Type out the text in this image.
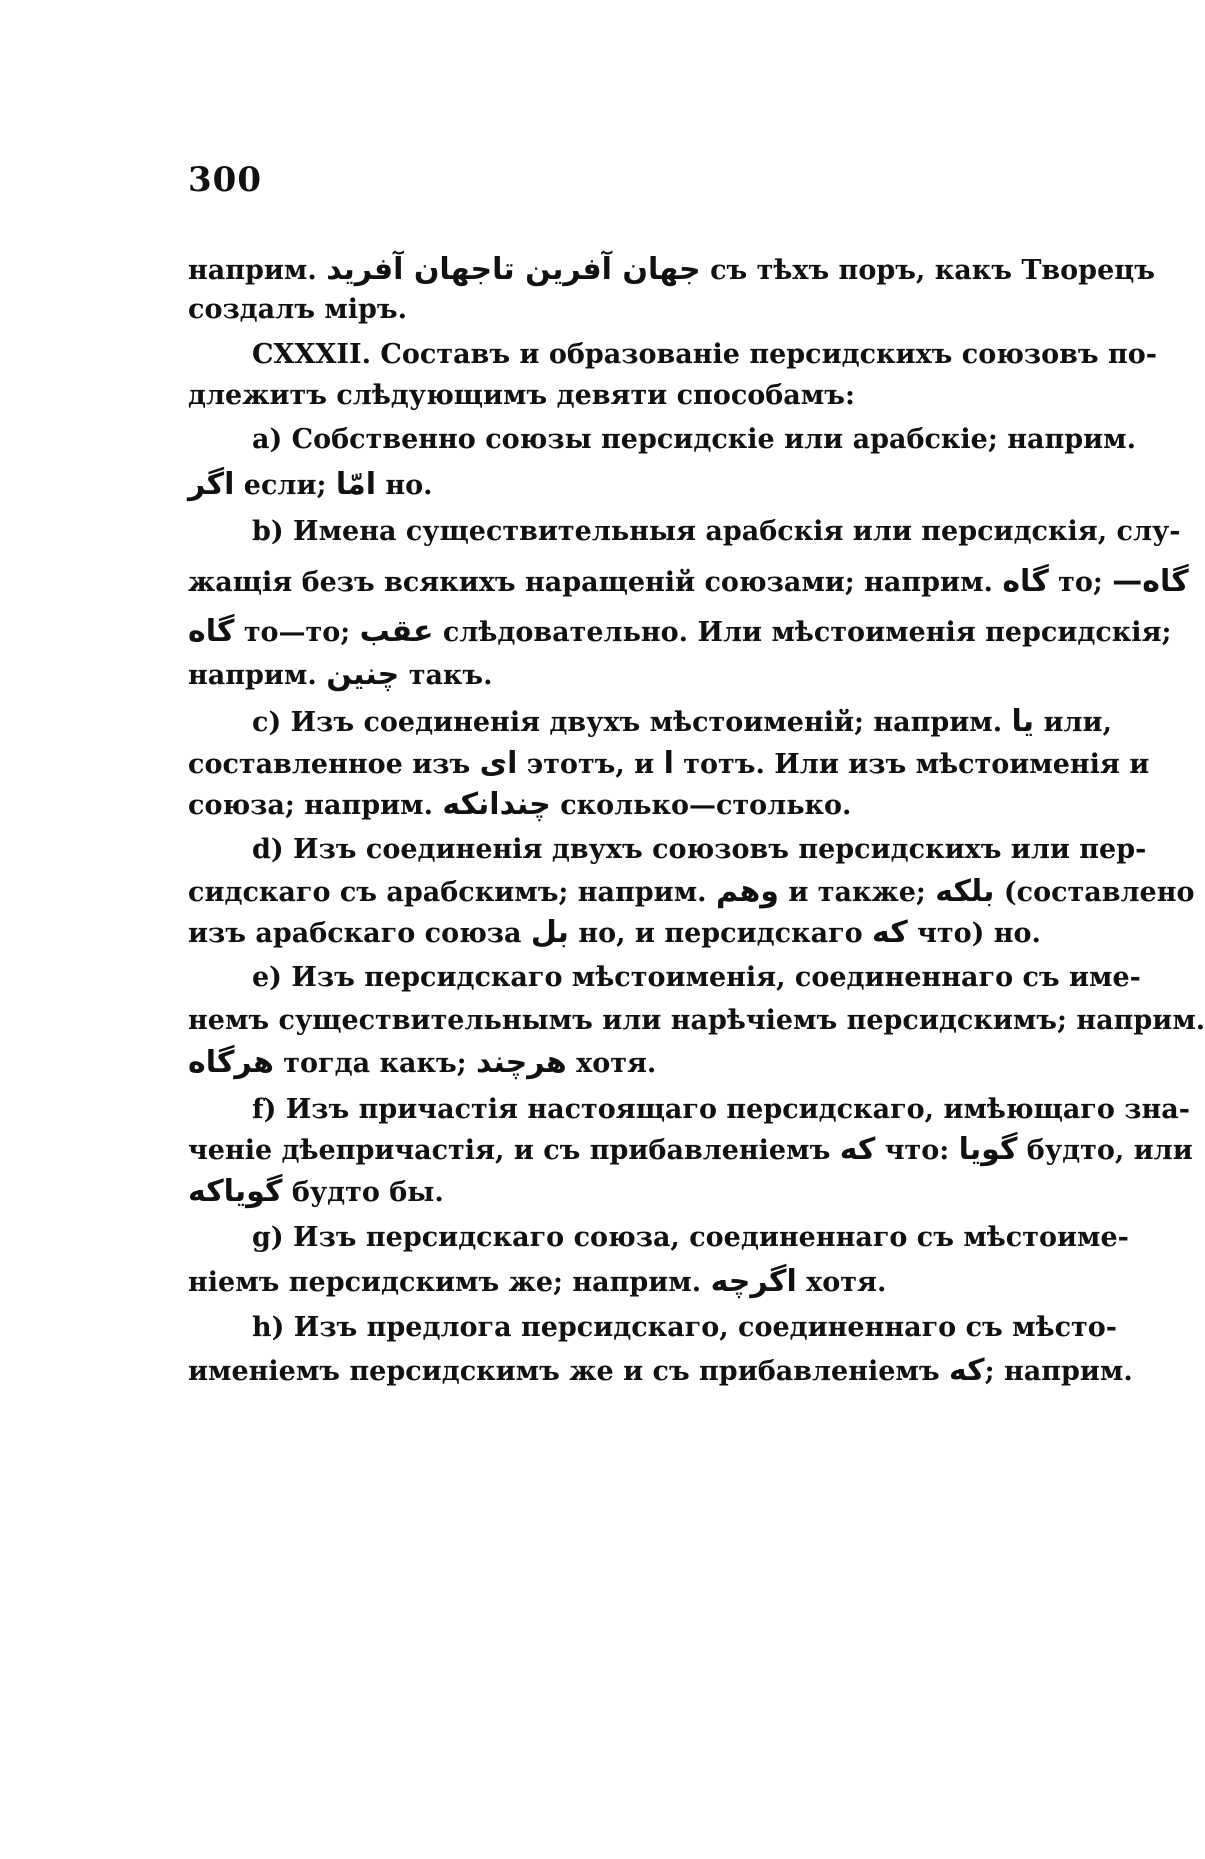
300
наприм. جهان آفرين تاجهان آفريد съ тѣхъ поръ, какъ Творецъ
создалъ міръ.
CXXXII. Составъ и образованіе персидскихъ союзовъ по-
длежитъ слѣдующимъ девяти способамъ:
a) Собственно союзы персидскіе или арабскіе; наприм.
اگر если; امّا но.
b) Имена существительныя арабскія или персидскія, слу-
жащія безъ всякихъ наращеній союзами; наприм. گاه то; گاه—
گاه то—то; عقب слѣдовательно. Или мѣстоименія персидскія;
наприм. چنين такъ.
c) Изъ соединенія двухъ мѣстоименій; наприм. يا или,
составленное изъ ای этотъ, и ا тотъ. Или изъ мѣстоименія и
союза; наприм. چندانكه сколько—столько.
d) Изъ соединенія двухъ союзовъ персидскихъ или пер-
сидскаго съ арабскимъ; наприм. وهم и также; بلكه (составлено
изъ арабскаго союза بل но, и персидскаго كه что) но.
e) Изъ персидскаго мѣстоименія, соединеннаго съ име-
немъ существительнымъ или нарѣчіемъ персидскимъ; наприм.
هرگاه тогда какъ; هرچند хотя.
f) Изъ причастія настоящаго персидскаго, имѣющаго зна-
ченіе дѣепричастія, и съ прибавленіемъ كه что: گويا будто, или
گوياكه будто бы.
g) Изъ персидскаго союза, соединеннаго съ мѣстоиме-
ніемъ персидскимъ же; наприм. اگرچه хотя.
h) Изъ предлога персидскаго, соединеннаго съ мѣсто-
именіемъ персидскимъ же и съ прибавленіемъ كه; наприм.
